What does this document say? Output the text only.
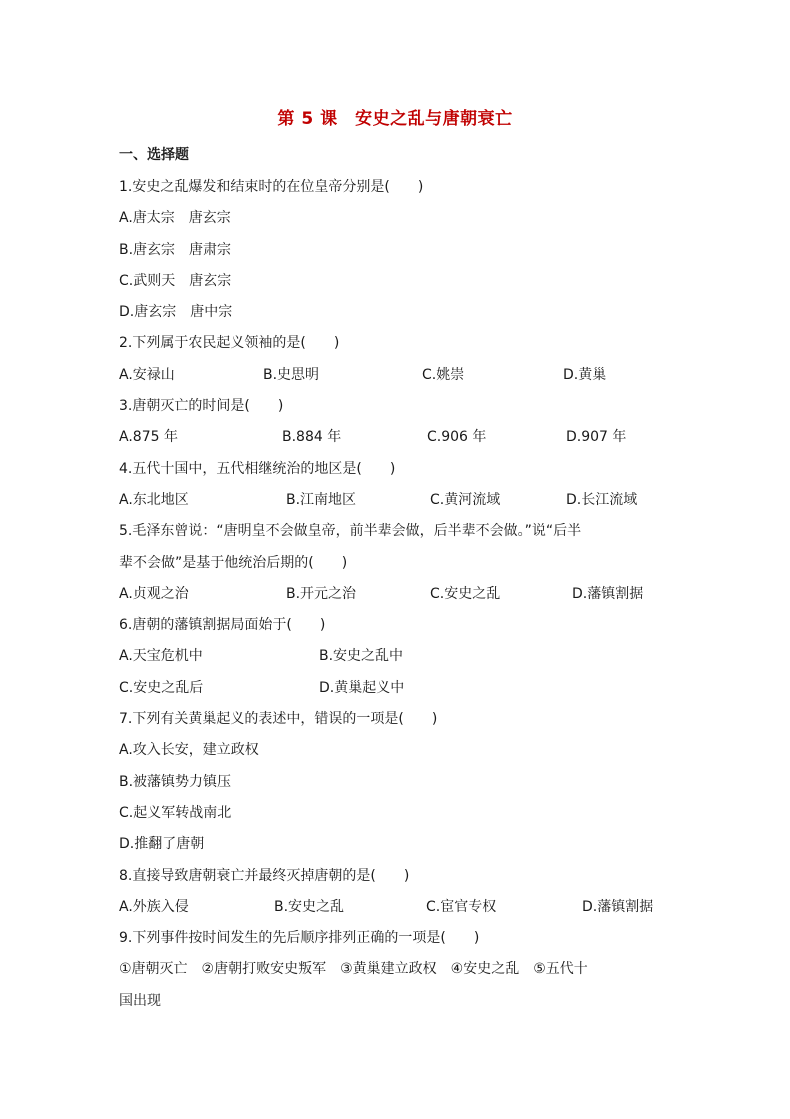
第 5 课　安史之乱与唐朝衰亡
一、选择题
1.安史之乱爆发和结束时的在位皇帝分别是(　　)
A.唐太宗　唐玄宗
B.唐玄宗　唐肃宗
C.武则天　唐玄宗
D.唐玄宗　唐中宗
2.下列属于农民起义领袖的是(　　)
A.安禄山	B.史思明	C.姚崇	D.黄巢
3.唐朝灭亡的时间是(　　)
A.875 年	B.884 年	C.906 年	D.907 年
4.五代十国中，五代相继统治的地区是(　　)
A.东北地区	B.江南地区	C.黄河流域	D.长江流域
5.毛泽东曾说：“唐明皇不会做皇帝，前半辈会做，后半辈不会做。”说“后半
辈不会做”是基于他统治后期的(　　)
A.贞观之治	B.开元之治	C.安史之乱	D.藩镇割据
6.唐朝的藩镇割据局面始于(　　)
A.天宝危机中	B.安史之乱中
C.安史之乱后	D.黄巢起义中
7.下列有关黄巢起义的表述中，错误的一项是(　　)
A.攻入长安，建立政权
B.被藩镇势力镇压
C.起义军转战南北
D.推翻了唐朝
8.直接导致唐朝衰亡并最终灭掉唐朝的是(　　)
A.外族入侵	B.安史之乱	C.宦官专权	D.藩镇割据
9.下列事件按时间发生的先后顺序排列正确的一项是(　　)
①唐朝灭亡　②唐朝打败安史叛军　③黄巢建立政权　④安史之乱　⑤五代十
国出现
